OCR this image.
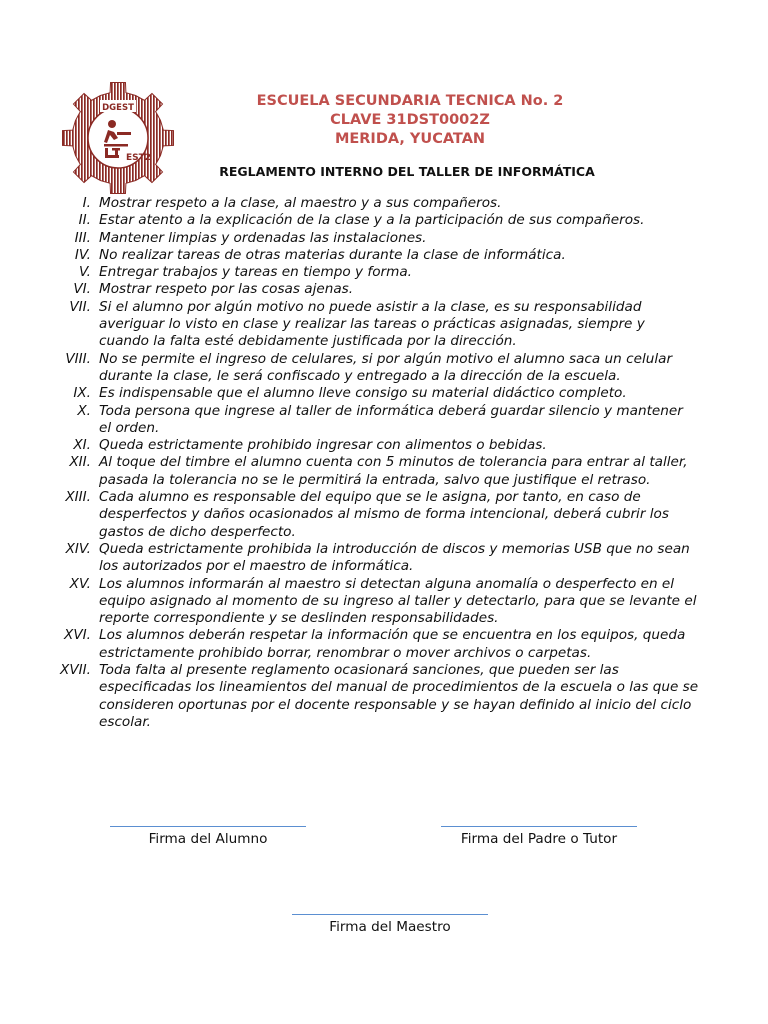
EST2
DGEST	ESCUELA SECUNDARIA TECNICA No. 2
CLAVE 31DST0002Z
MERIDA, YUCATAN
REGLAMENTO INTERNO DEL TALLER DE INFORMÁTICA
I. Mostrar respeto a la clase, al maestro y a sus compañeros.
II. Estar atento a la explicación de la clase y a la participación de sus compañeros.
III. Mantener limpias y ordenadas las instalaciones.
IV. No realizar tareas de otras materias durante la clase de informática.
V. Entregar trabajos y tareas en tiempo y forma.
VI. Mostrar respeto por las cosas ajenas.
VII. Si el alumno por algún motivo no puede asistir a la clase, es su responsabilidad averiguar lo visto en clase y realizar las tareas o prácticas asignadas, siempre y cuando la falta esté debidamente justificada por la dirección.
VIII. No se permite el ingreso de celulares, si por algún motivo el alumno saca un celular durante la clase, le será confiscado y entregado a la dirección de la escuela.
IX. Es indispensable que el alumno lleve consigo su material didáctico completo.
X. Toda persona que ingrese al taller de informática deberá guardar silencio y mantener el orden.
XI. Queda estrictamente prohibido ingresar con alimentos o bebidas.
XII. Al toque del timbre el alumno cuenta con 5 minutos de tolerancia para entrar al taller, pasada la tolerancia no se le permitirá la entrada, salvo que justifique el retraso.
XIII. Cada alumno es responsable del equipo que se le asigna, por tanto, en caso de desperfectos y daños ocasionados al mismo de forma intencional, deberá cubrir los gastos de dicho desperfecto.
XIV. Queda estrictamente prohibida la introducción de discos y memorias USB que no sean los autorizados por el maestro de informática.
XV. Los alumnos informarán al maestro si detectan alguna anomalía o desperfecto en el equipo asignado al momento de su ingreso al taller y detectarlo, para que se levante el reporte correspondiente y se deslinden responsabilidades.
XVI. Los alumnos deberán respetar la información que se encuentra en los equipos, queda estrictamente prohibido borrar, renombrar o mover archivos o carpetas.
XVII. Toda falta al presente reglamento ocasionará sanciones, que pueden ser las especificadas los lineamientos del manual de procedimientos de la escuela o las que se consideren oportunas por el docente responsable y se hayan definido al inicio del ciclo escolar.
Firma del Alumno	Firma del Padre o Tutor
Firma del Maestro
